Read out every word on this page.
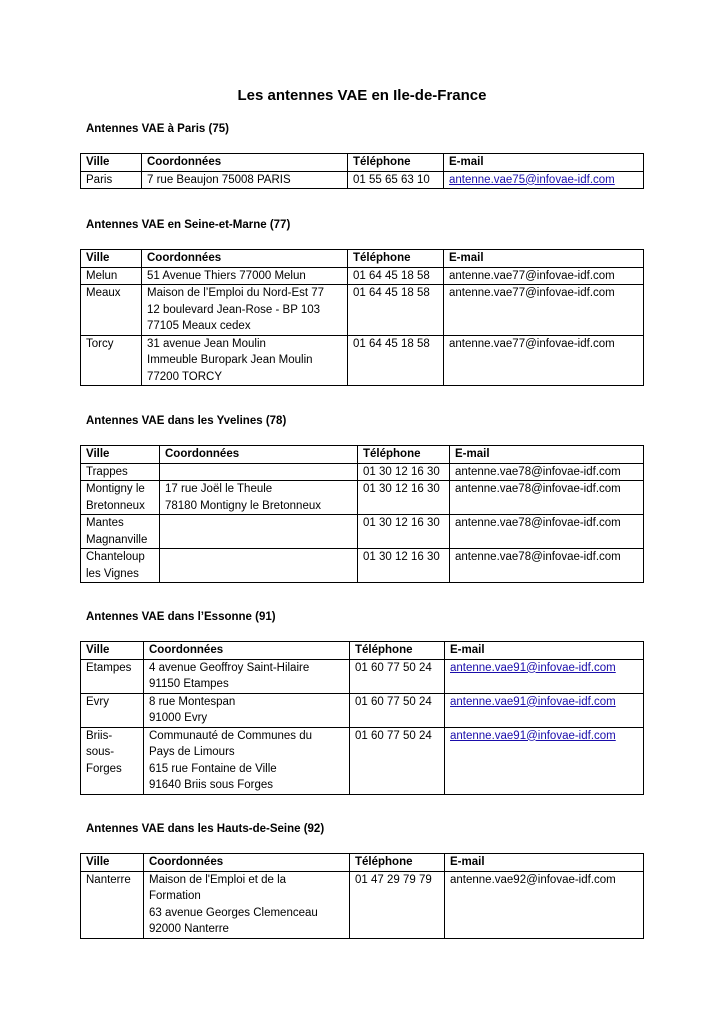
Les antennes VAE en Ile-de-France
Antennes VAE à Paris (75)
Ville	Coordonnées	Téléphone	E-mail

Paris	7 rue Beaujon 75008 PARIS	01 55 65 63 10	antenne.vae75@infovae-idf.com
Antennes VAE en Seine-et-Marne (77)
Ville	Coordonnées	Téléphone	E-mail

Melun	51 Avenue Thiers 77000 Melun	01 64 45 18 58	antenne.vae77@infovae-idf.com

Meaux	Maison de l’Emploi du Nord-Est 77
12 boulevard Jean-Rose - BP 103
77105 Meaux cedex	01 64 45 18 58	antenne.vae77@infovae-idf.com

Torcy	31 avenue Jean Moulin
Immeuble Buropark Jean Moulin
77200 TORCY	01 64 45 18 58	antenne.vae77@infovae-idf.com
Antennes VAE dans les Yvelines (78)
Ville	Coordonnées	Téléphone	E-mail

Trappes		01 30 12 16 30	antenne.vae78@infovae-idf.com

Montigny le
Bretonneux	17 rue Joël le Theule
78180 Montigny le Bretonneux	01 30 12 16 30	antenne.vae78@infovae-idf.com

Mantes
Magnanville		01 30 12 16 30	antenne.vae78@infovae-idf.com

Chanteloup
les Vignes		01 30 12 16 30	antenne.vae78@infovae-idf.com
Antennes VAE dans l’Essonne (91)
Ville	Coordonnées	Téléphone	E-mail

Etampes	4 avenue Geoffroy Saint-Hilaire
91150 Etampes	01 60 77 50 24	antenne.vae91@infovae-idf.com

Evry	8 rue Montespan
91000 Evry	01 60 77 50 24	antenne.vae91@infovae-idf.com

Briis-
sous-
Forges	Communauté de Communes du
Pays de Limours
615 rue Fontaine de Ville
91640 Briis sous Forges	01 60 77 50 24	antenne.vae91@infovae-idf.com
Antennes VAE dans les Hauts-de-Seine (92)
Ville	Coordonnées	Téléphone	E-mail

Nanterre	Maison de l'Emploi et de la
Formation
63 avenue Georges Clemenceau
92000 Nanterre	01 47 29 79 79	antenne.vae92@infovae-idf.com
